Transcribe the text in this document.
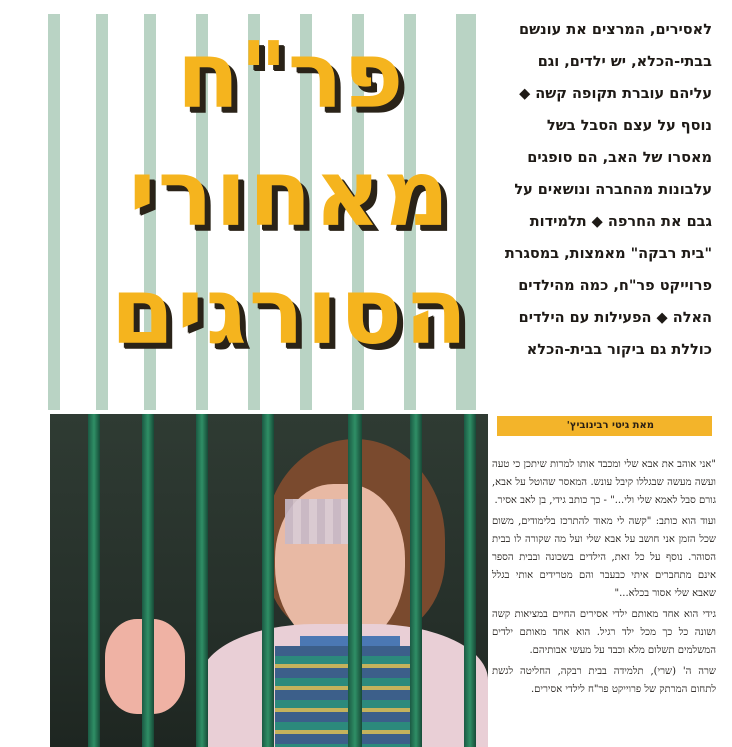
פר"ח
מאחורי
הסורגים
לאסירים, המרצים את עונשם
בבתי-הכלא, יש ילדים, וגם
עליהם עוברת תקופה קשה ◆
נוסף על עצם הסבל בשל
מאסרו של האב, הם סופגים
עלבונות מהחברה ונושאים על
גבם את החרפה ◆ תלמידות
"בית רבקה" מאמצות, במסגרת
פרוייקט פר"ח, כמה מהילדים
האלה ◆ הפעילות עם הילדים
כוללת גם ביקור בבית-הכלא
מאת גיטי רבינוביץ'

"אני אוהב את אבא שלי ומכבד אותו למרות שיתכן כי טעה ועשה מעשה שבגללו קיבל עונש. המאסר שהוטל על אבא, גורם סבל לאמא שלי ולי..." - כך כותב גידי, בן לאב אסיר.

ועוד הוא כותב: "קשה לי מאוד להתרכז בלימודים, משום שכל הזמן אני חושב על אבא שלי ועל מה שקורה לו בבית הסוהר. נוסף על כל זאת, הילדים בשכונה ובבית הספר אינם מתחברים איתי כבעבר והם מטרידים אותי בגלל שאבא שלי אסור בכלא..."

גידי הוא אחד מאותם ילדי אסירים החיים במציאות קשה ושונה כל כך מכל ילד רגיל. הוא אחד מאותם ילדים המשלמים תשלום מלא וכבד על מעשי אבותיהם.

שרה ה' (שרי), תלמידה בבית רבקה, החליטה לגשת לתחום המרתק של פרוייקט פר"ח לילדי אסירים.
